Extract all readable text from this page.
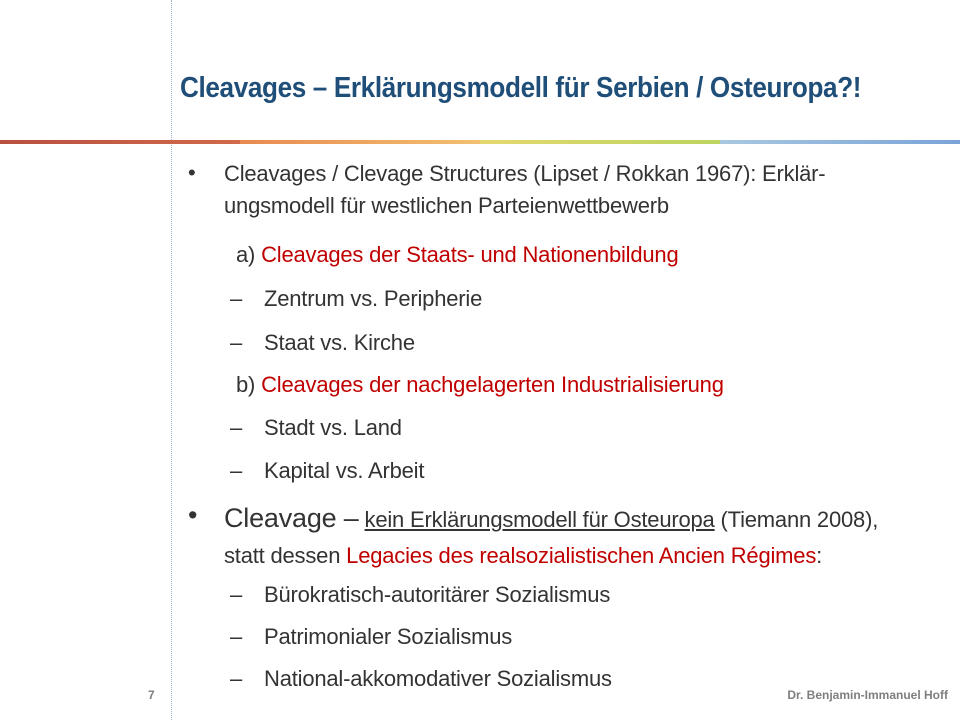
Cleavages – Erklärungsmodell für Serbien / Osteuropa?!
• Cleavages / Clevage Structures (Lipset / Rokkan 1967): Erklär-
ungsmodell für westlichen Parteienwettbewerb
a) Cleavages der Staats- und Nationenbildung
– Zentrum vs. Peripherie
– Staat vs. Kirche
b) Cleavages der nachgelagerten Industrialisierung
– Stadt vs. Land
– Kapital vs. Arbeit
• Cleavage – kein Erklärungsmodell für Osteuropa (Tiemann 2008),
statt dessen Legacies des realsozialistischen Ancien Régimes:
– Bürokratisch-autoritärer Sozialismus
– Patrimonialer Sozialismus
– National-akkomodativer Sozialismus
7	Dr. Benjamin-Immanuel Hoff
